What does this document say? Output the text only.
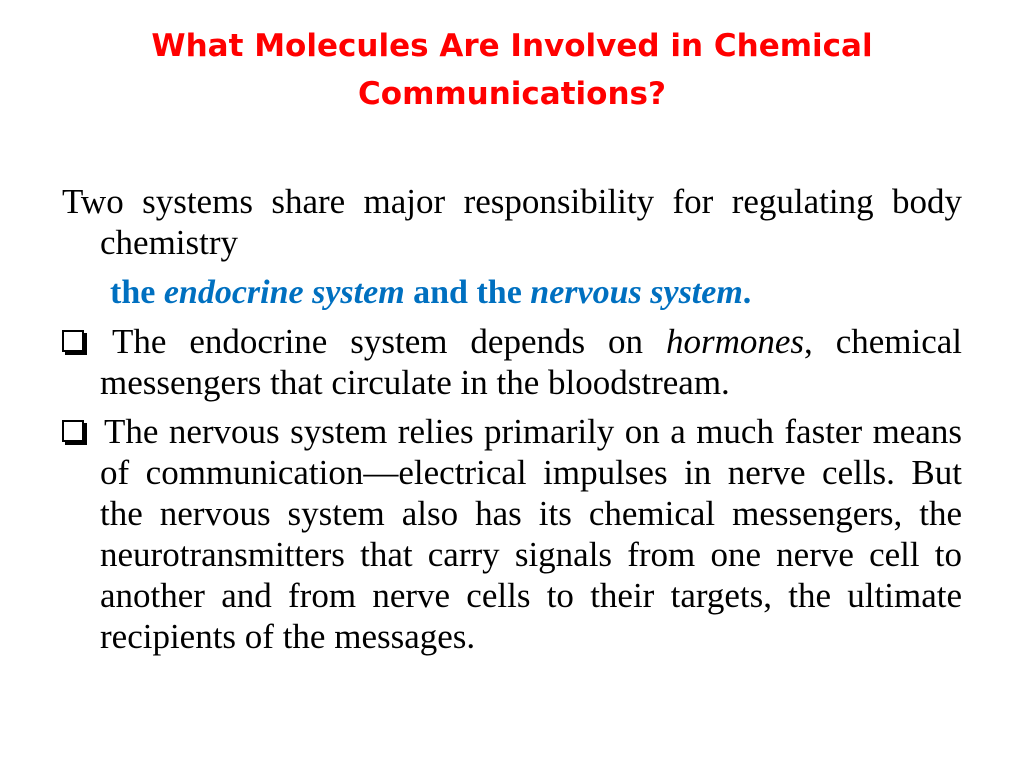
What Molecules Are Involved in Chemical Communications?

Two systems share major responsibility for regulating body chemistry

the endocrine system and the nervous system.

The endocrine system depends on hormones, chemical messengers that circulate in the bloodstream.
The nervous system relies primarily on a much faster means of communication—electrical impulses in nerve cells. But the nervous system also has its chemical messengers, the neurotransmitters that carry signals from one nerve cell to another and from nerve cells to their targets, the ultimate recipients of the messages.
